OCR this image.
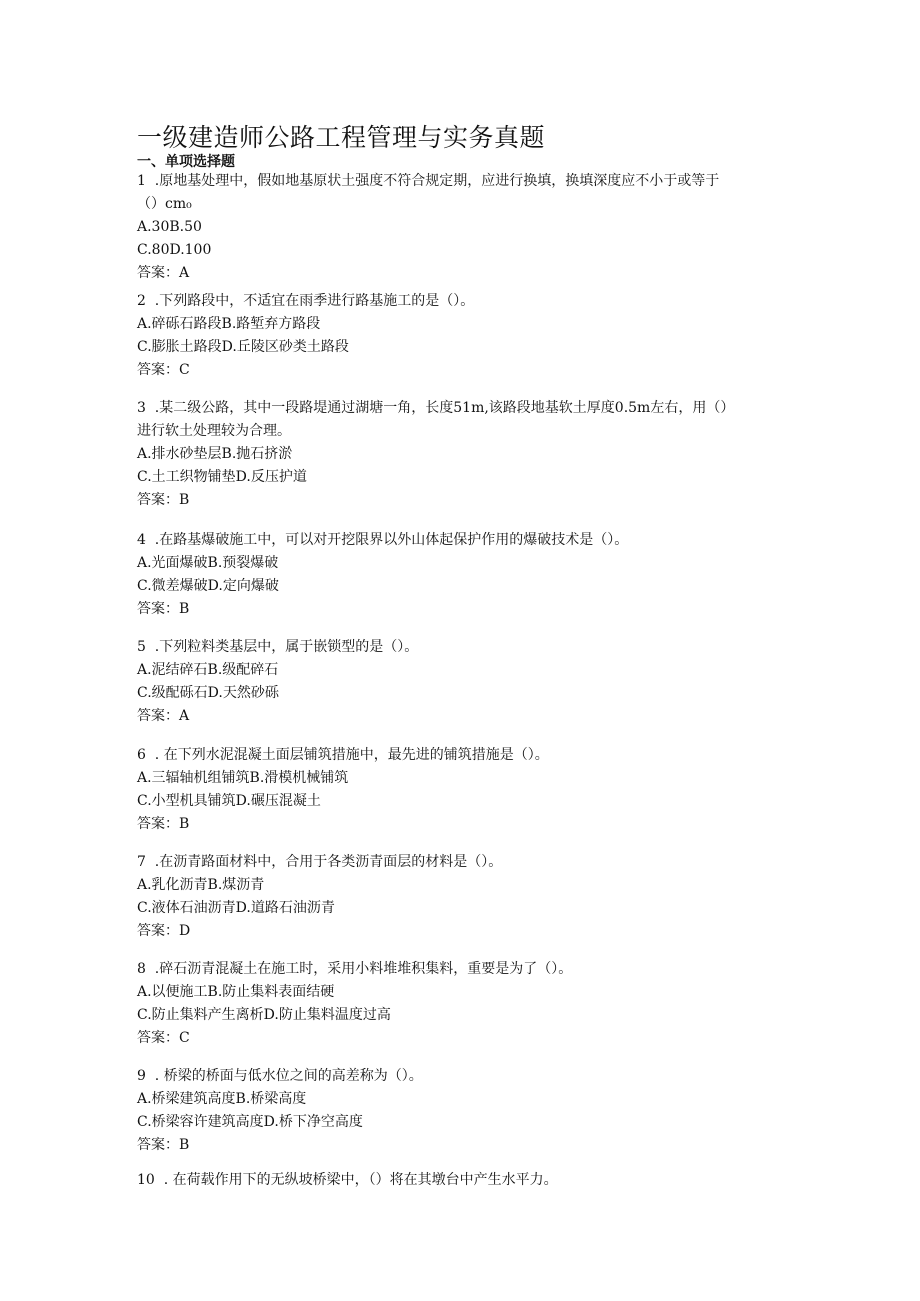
一级建造师公路工程管理与实务真题
一、单项选择题
1  .原地基处理中，假如地基原状土强度不符合规定期，应进行换填，换填深度应不小于或等于
（）cm₀
A.30B.50
C.80D.100
答案：A
2  .下列路段中，不适宜在雨季进行路基施工的是（）。
A.碎砾石路段B.路堑弃方路段
C.膨胀土路段D.丘陵区砂类土路段
答案：C
3  .某二级公路，其中一段路堤通过湖塘一角，长度51m,该路段地基软土厚度0.5m左右，用（）
进行软土处理较为合理。
A.排水砂垫层B.抛石挤淤
C.土工织物铺垫D.反压护道
答案：B
4  .在路基爆破施工中，可以对开挖限界以外山体起保护作用的爆破技术是（）。
A.光面爆破B.预裂爆破
C.微差爆破D.定向爆破
答案：B
5  .下列粒料类基层中，属于嵌锁型的是（）。
A.泥结碎石B.级配碎石
C.级配砾石D.天然砂砾
答案：A
6  . 在下列水泥混凝土面层铺筑措施中，最先进的铺筑措施是（）。
A.三辐轴机组铺筑B.滑模机械铺筑
C.小型机具铺筑D.碾压混凝土
答案：B
7  .在沥青路面材料中，合用于各类沥青面层的材料是（）。
A.乳化沥青B.煤沥青
C.液体石油沥青D.道路石油沥青
答案：D
8  .碎石沥青混凝土在施工时，采用小料堆堆积集料，重要是为了（）。
A.以便施工B.防止集料表面结硬
C.防止集料产生离析D.防止集料温度过高
答案：C
9  . 桥梁的桥面与低水位之间的高差称为（）。
A.桥梁建筑高度B.桥梁高度
C.桥梁容许建筑高度D.桥下净空高度
答案：B
10  . 在荷载作用下的无纵坡桥梁中，（）将在其墩台中产生水平力。
